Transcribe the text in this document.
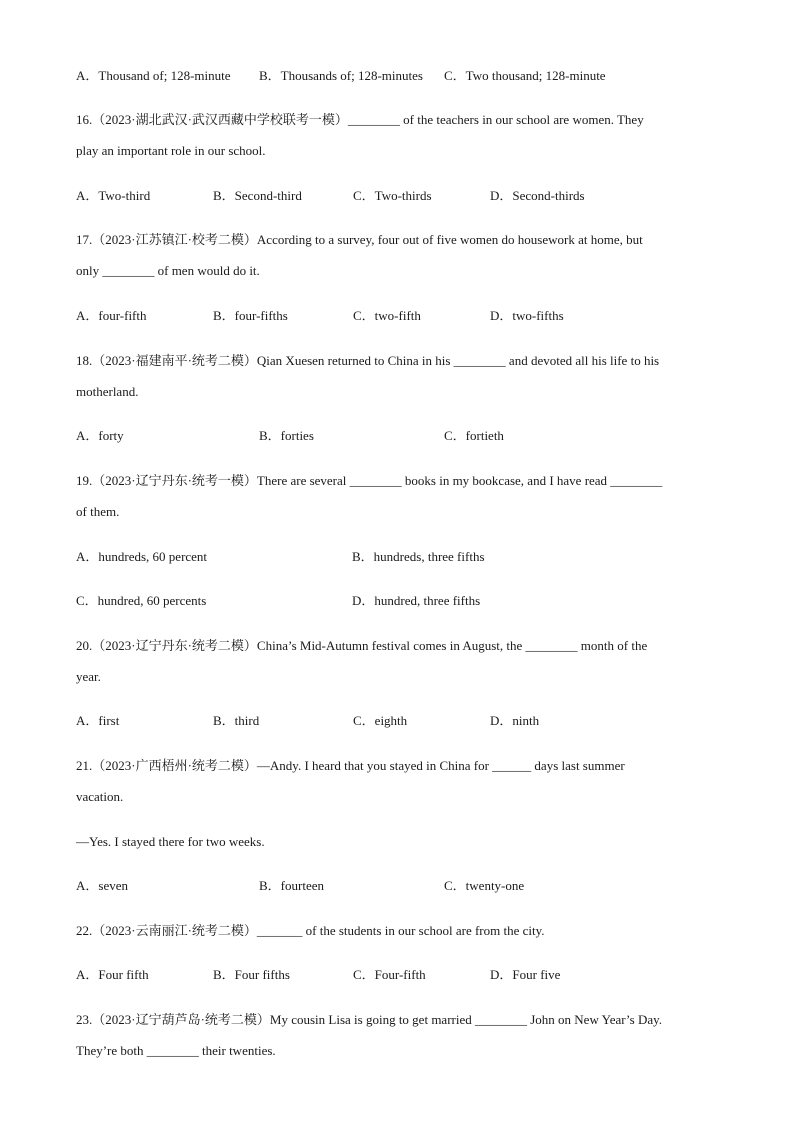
A．Thousand of; 128-minute B．Thousands of; 128-minutes C．Two thousand; 128-minute
16.（2023·湖北武汉·武汉西藏中学校联考一模）________ of the teachers in our school are women. They
play an important role in our school.
A．Two-third	B．Second-third	C．Two-thirds	D．Second-thirds
17.（2023·江苏镇江·校考二模）According to a survey, four out of five women do housework at home, but
only ________ of men would do it.
A．four-fifth	B．four-fifths	C．two-fifth	D．two-fifths
18.（2023·福建南平·统考二模）Qian Xuesen returned to China in his ________ and devoted all his life to his
motherland.
A．forty	B．forties	C．fortieth
19.（2023·辽宁丹东·统考一模）There are several ________ books in my bookcase, and I have read ________
of them.
A．hundreds, 60 percent	B．hundreds, three fifths
C．hundred, 60 percents	D．hundred, three fifths
20.（2023·辽宁丹东·统考二模）China’s Mid-Autumn festival comes in August, the ________ month of the
year.
A．first	B．third	C．eighth	D．ninth
21.（2023·广西梧州·统考二模）—Andy. I heard that you stayed in China for ______ days last summer
vacation.
—Yes. I stayed there for two weeks.
A．seven	B．fourteen	C．twenty-one
22.（2023·云南丽江·统考二模）_______ of the students in our school are from the city.
A．Four fifth	B．Four fifths	C．Four-fifth	D．Four five
23.（2023·辽宁葫芦岛·统考二模）My cousin Lisa is going to get married ________ John on New Year’s Day.
They’re both ________ their twenties.
